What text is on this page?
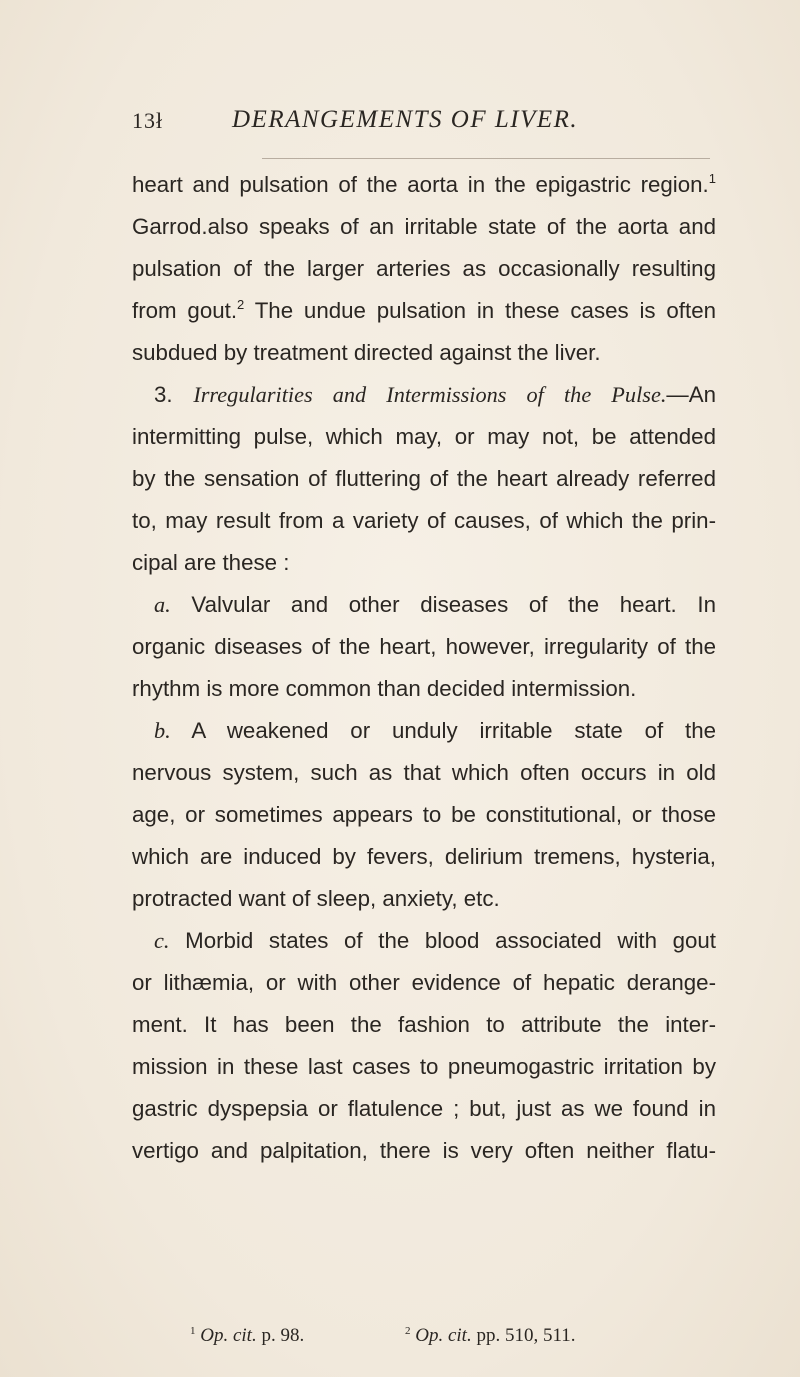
13ł	DERANGEMENTS OF LIVER.
heart and pulsation of the aorta in the epigastric region.$^1$
Garrod.also speaks of an irritable state of the aorta and
pulsation of the larger arteries as occasionally resulting
from gout.$^2$ The undue pulsation in these cases is often
subdued by treatment directed against the liver.
3. Irregularities and Intermissions of the Pulse.—An
intermitting pulse, which may, or may not, be attended
by the sensation of fluttering of the heart already referred
to, may result from a variety of causes, of which the prin-
cipal are these :
a. Valvular and other diseases of the heart. In
organic diseases of the heart, however, irregularity of the
rhythm is more common than decided intermission.
b. A weakened or unduly irritable state of the
nervous system, such as that which often occurs in old
age, or sometimes appears to be constitutional, or those
which are induced by fevers, delirium tremens, hysteria,
protracted want of sleep, anxiety, etc.
c. Morbid states of the blood associated with gout
or lithæmia, or with other evidence of hepatic derange-
ment. It has been the fashion to attribute the inter-
mission in these last cases to pneumogastric irritation by
gastric dyspepsia or flatulence ; but, just as we found in
vertigo and palpitation, there is very often neither flatu-
$^1$ Op. cit. p. 98.	$^2$ Op. cit. pp. 510, 511.
